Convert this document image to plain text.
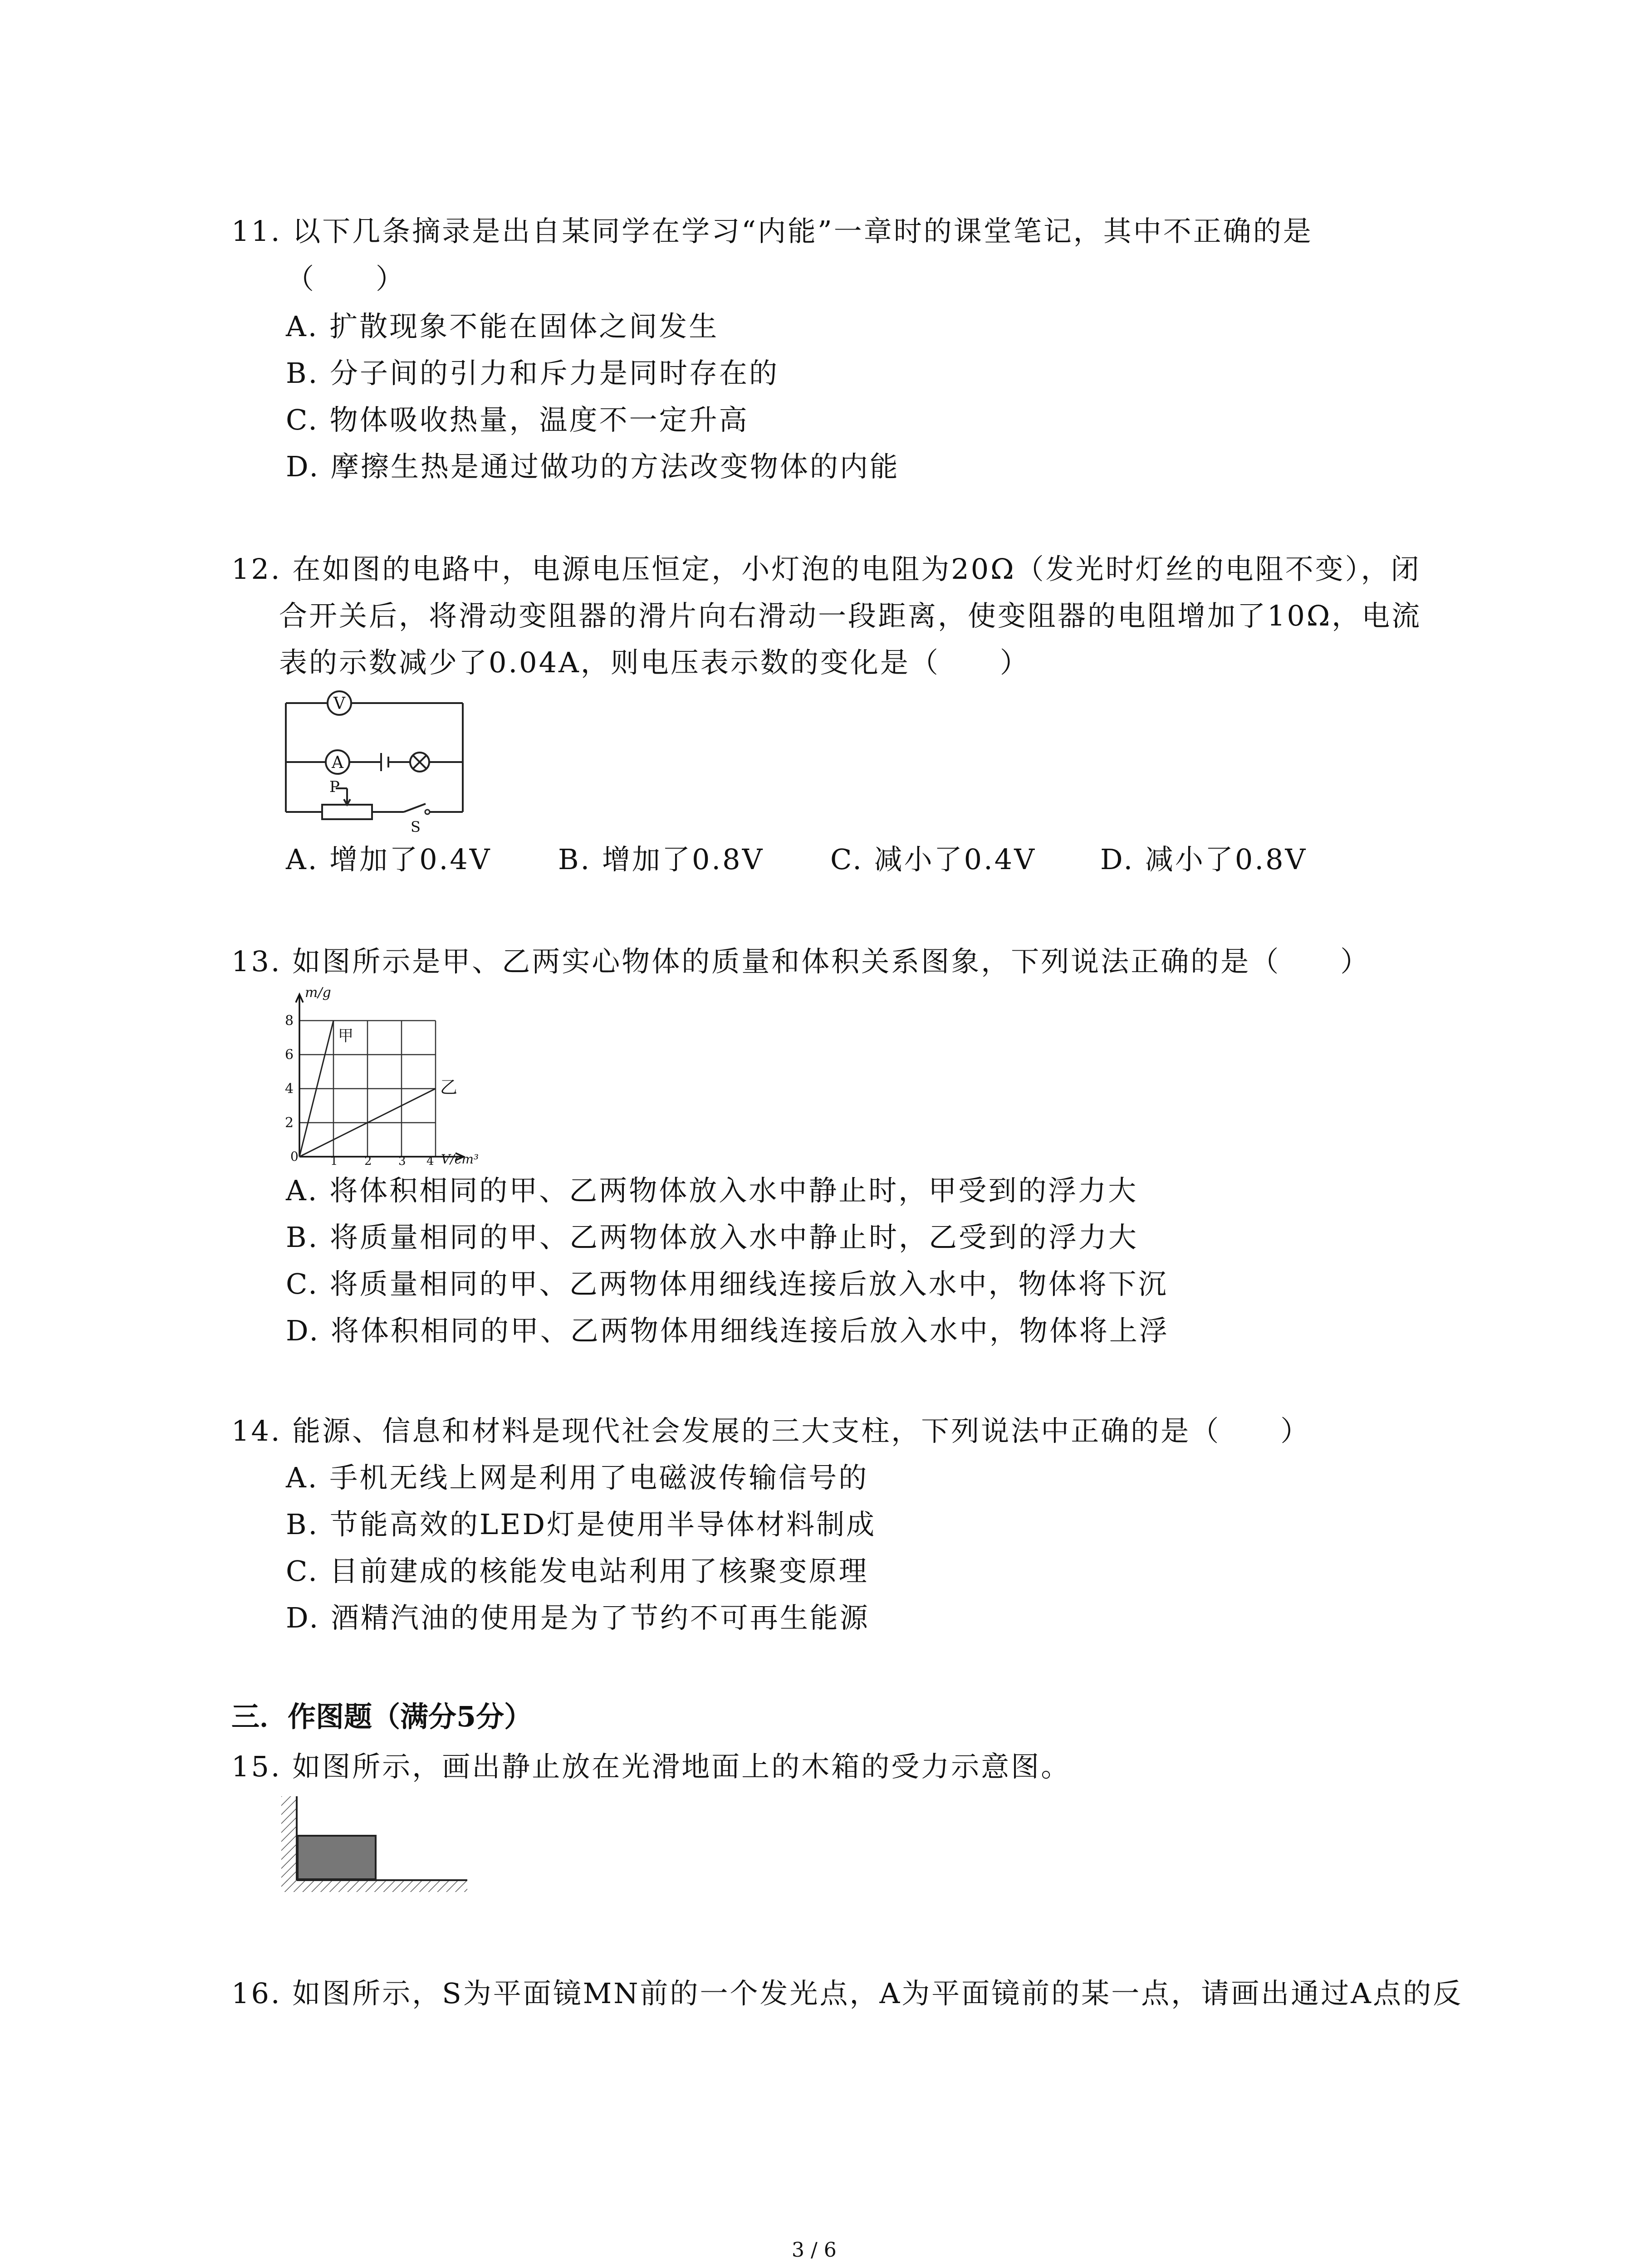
11. 以下几条摘录是出自某同学在学习“内能”一章时的课堂笔记，其中不正确的是
（　　）
A. 扩散现象不能在固体之间发生
B. 分子间的引力和斥力是同时存在的
C. 物体吸收热量，温度不一定升高
D. 摩擦生热是通过做功的方法改变物体的内能
12. 在如图的电路中，电源电压恒定，小灯泡的电阻为20Ω（发光时灯丝的电阻不变），闭
合开关后，将滑动变阻器的滑片向右滑动一段距离，使变阻器的电阻增加了10Ω，电流
表的示数减少了0.04A，则电压表示数的变化是（　　）
V
A
P
S
A. 增加了0.4V B. 增加了0.8V C. 减小了0.4V D. 减小了0.8V
13. 如图所示是甲、乙两实心物体的质量和体积关系图象，下列说法正确的是（　　）
m/g
V/cm³
8
6
4
2
1 2 3 4
甲
乙
0
A. 将体积相同的甲、乙两物体放入水中静止时，甲受到的浮力大
B. 将质量相同的甲、乙两物体放入水中静止时，乙受到的浮力大
C. 将质量相同的甲、乙两物体用细线连接后放入水中，物体将下沉
D. 将体积相同的甲、乙两物体用细线连接后放入水中，物体将上浮
14. 能源、信息和材料是现代社会发展的三大支柱，下列说法中正确的是（　　）
A. 手机无线上网是利用了电磁波传输信号的
B. 节能高效的LED灯是使用半导体材料制成
C. 目前建成的核能发电站利用了核聚变原理
D. 酒精汽油的使用是为了节约不可再生能源
三．作图题（满分5分）
15. 如图所示，画出静止放在光滑地面上的木箱的受力示意图。
16. 如图所示，S为平面镜MN前的一个发光点，A为平面镜前的某一点，请画出通过A点的反
3 / 6
